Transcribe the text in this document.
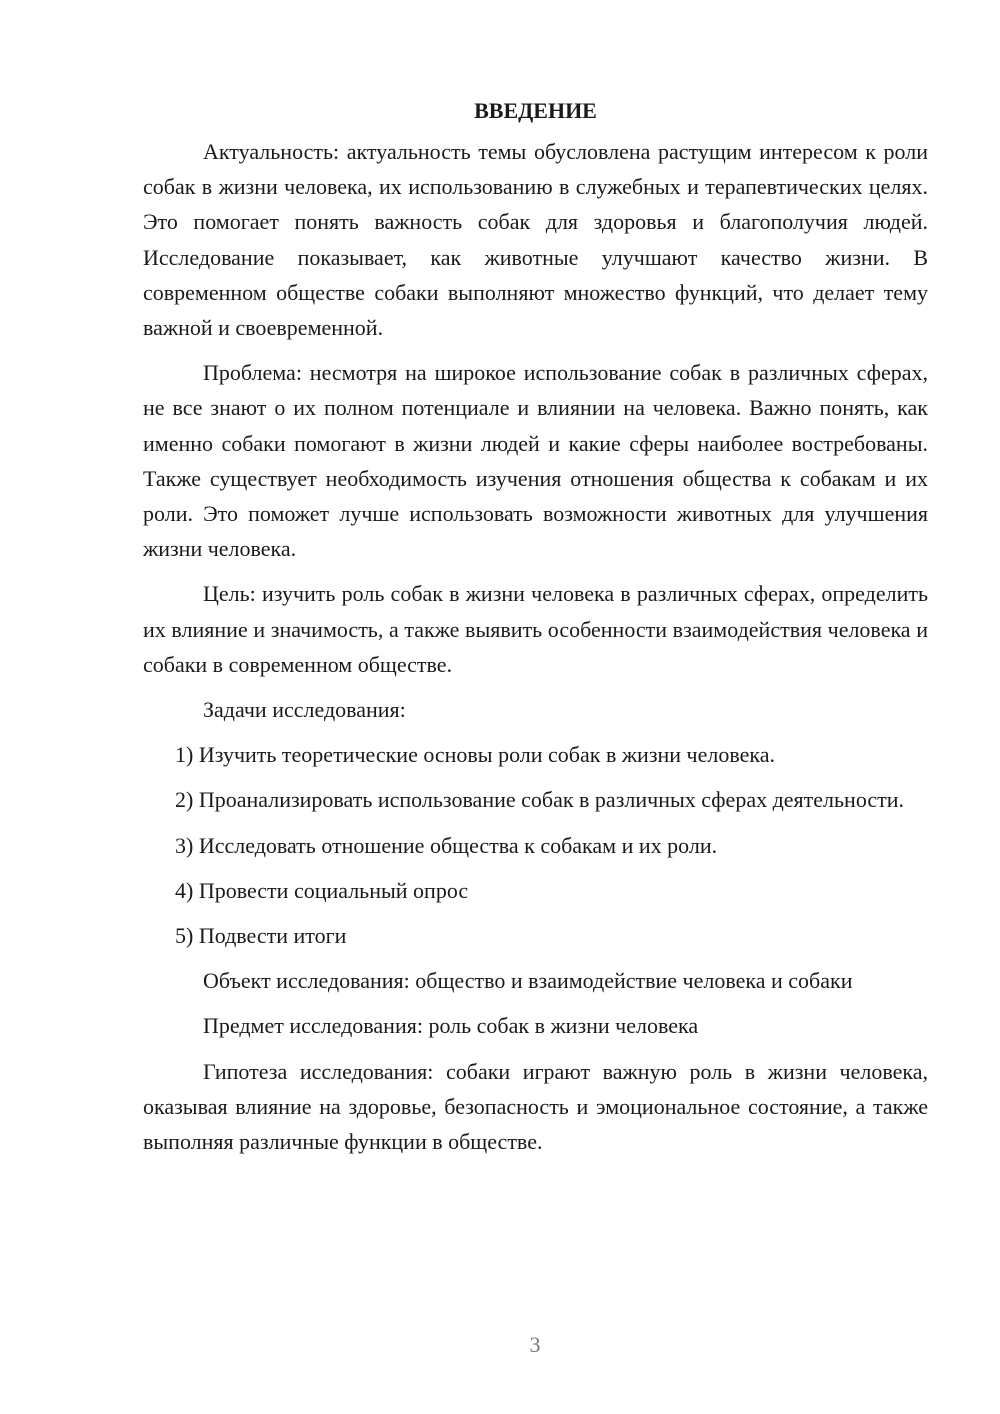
ВВЕДЕНИЕ

Актуальность: актуальность темы обусловлена растущим интересом к роли собак в жизни человека, их использованию в служебных и терапевтических целях. Это помогает понять важность собак для здоровья и благополучия людей. Исследование показывает, как животные улучшают качество жизни. В современном обществе собаки выполняют множество функций, что делает тему важной и своевременной.

Проблема: несмотря на широкое использование собак в различных сферах, не все знают о их полном потенциале и влиянии на человека. Важно понять, как именно собаки помогают в жизни людей и какие сферы наиболее востребованы. Также существует необходимость изучения отношения общества к собакам и их роли. Это поможет лучше использовать возможности животных для улучшения жизни человека.

Цель: изучить роль собак в жизни человека в различных сферах, определить их влияние и значимость, а также выявить особенности взаимодействия человека и собаки в современном обществе.

Задачи исследования:

1) Изучить теоретические основы роли собак в жизни человека.

2) Проанализировать использование собак в различных сферах деятельности.

3) Исследовать отношение общества к собакам и их роли.

4) Провести социальный опрос

5) Подвести итоги

Объект исследования: общество и взаимодействие человека и собаки

Предмет исследования: роль собак в жизни человека

Гипотеза исследования: собаки играют важную роль в жизни человека, оказывая влияние на здоровье, безопасность и эмоциональное состояние, а также выполняя различные функции в обществе.

3
